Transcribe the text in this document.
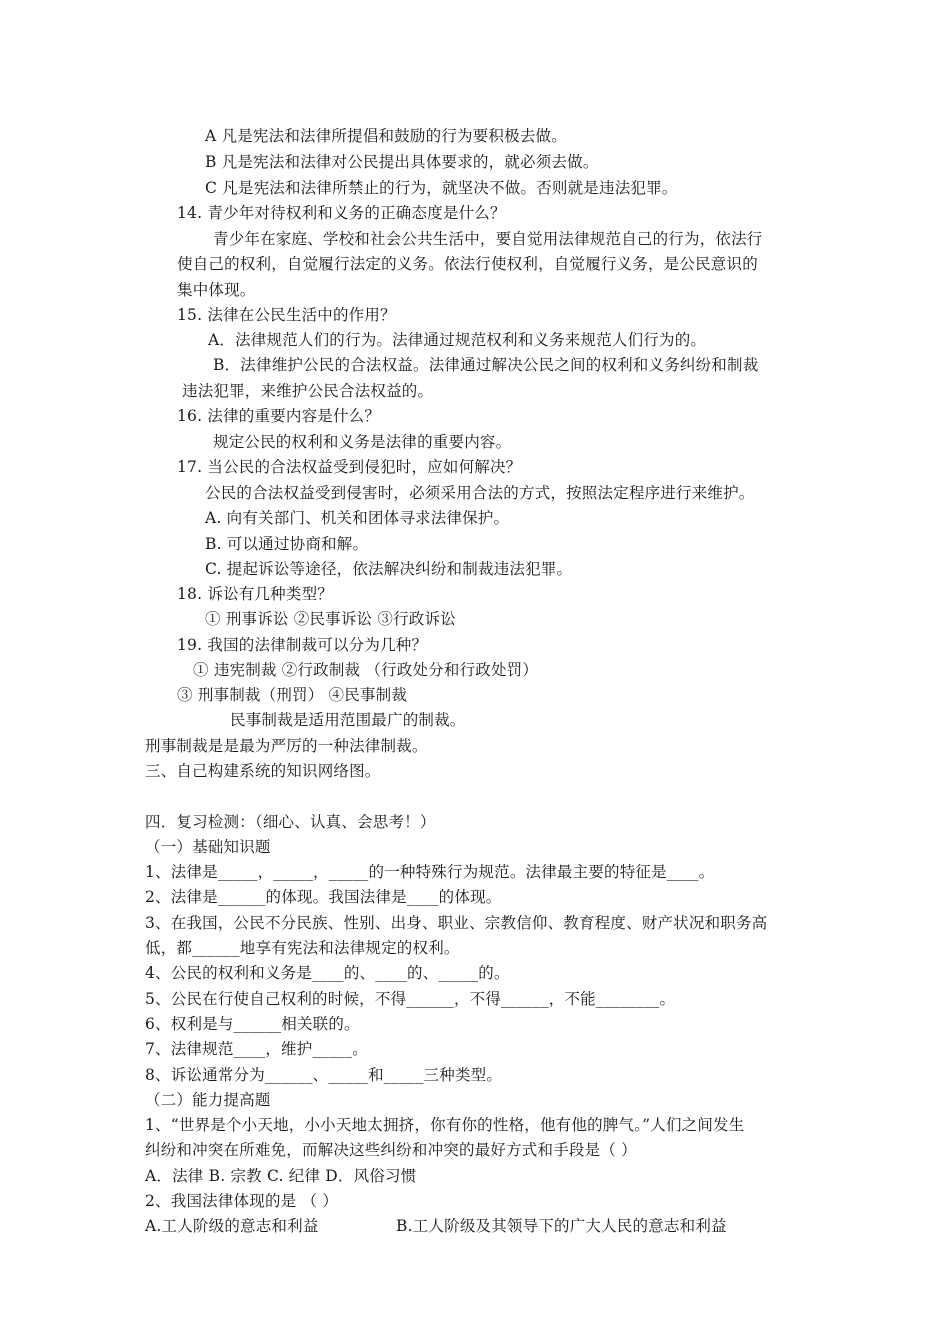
A 凡是宪法和法律所提倡和鼓励的行为要积极去做。
B 凡是宪法和法律对公民提出具体要求的，就必须去做。
C 凡是宪法和法律所禁止的行为，就坚决不做。否则就是违法犯罪。
14. 青少年对待权利和义务的正确态度是什么？
青少年在家庭、学校和社会公共生活中，要自觉用法律规范自己的行为，依法行
使自己的权利，自觉履行法定的义务。依法行使权利，自觉履行义务，是公民意识的
集中体现。
15. 法律在公民生活中的作用？
A．法律规范人们的行为。法律通过规范权利和义务来规范人们行为的。
B．法律维护公民的合法权益。法律通过解决公民之间的权利和义务纠纷和制裁
违法犯罪，来维护公民合法权益的。
16. 法律的重要内容是什么？
规定公民的权利和义务是法律的重要内容。
17. 当公民的合法权益受到侵犯时，应如何解决？
公民的合法权益受到侵害时，必须采用合法的方式，按照法定程序进行来维护。
A. 向有关部门、机关和团体寻求法律保护。
B. 可以通过协商和解。
C. 提起诉讼等途径，依法解决纠纷和制裁违法犯罪。
18. 诉讼有几种类型？
① 刑事诉讼 ②民事诉讼 ③行政诉讼
19. 我国的法律制裁可以分为几种？
① 违宪制裁 ②行政制裁 （行政处分和行政处罚）
③ 刑事制裁（刑罚） ④民事制裁
民事制裁是适用范围最广的制裁。
刑事制裁是是最为严厉的一种法律制裁。
三、自己构建系统的知识网络图。
四．复习检测：（细心、认真、会思考！）
（一）基础知识题
1、法律是_____，_____，_____的一种特殊行为规范。法律最主要的特征是____。
2、法律是______的体现。我国法律是____的体现。
3、在我国，公民不分民族、性别、出身、职业、宗教信仰、教育程度、财产状况和职务高
低，都______地享有宪法和法律规定的权利。
4、公民的权利和义务是____的、____的、_____的。
5、公民在行使自己权利的时候，不得______，不得______，不能________。
6、权利是与______相关联的。
7、法律规范____，维护_____。
8、诉讼通常分为______、_____和_____三种类型。
（二）能力提高题
1、“世界是个小天地，小小天地太拥挤，你有你的性格，他有他的脾气。”人们之间发生
纠纷和冲突在所难免，而解决这些纠纷和冲突的最好方式和手段是（ ）
A．法律 B. 宗教 C. 纪律 D．风俗习惯
2、我国法律体现的是 （ ）
A.工人阶级的意志和利益	B.工人阶级及其领导下的广大人民的意志和利益
